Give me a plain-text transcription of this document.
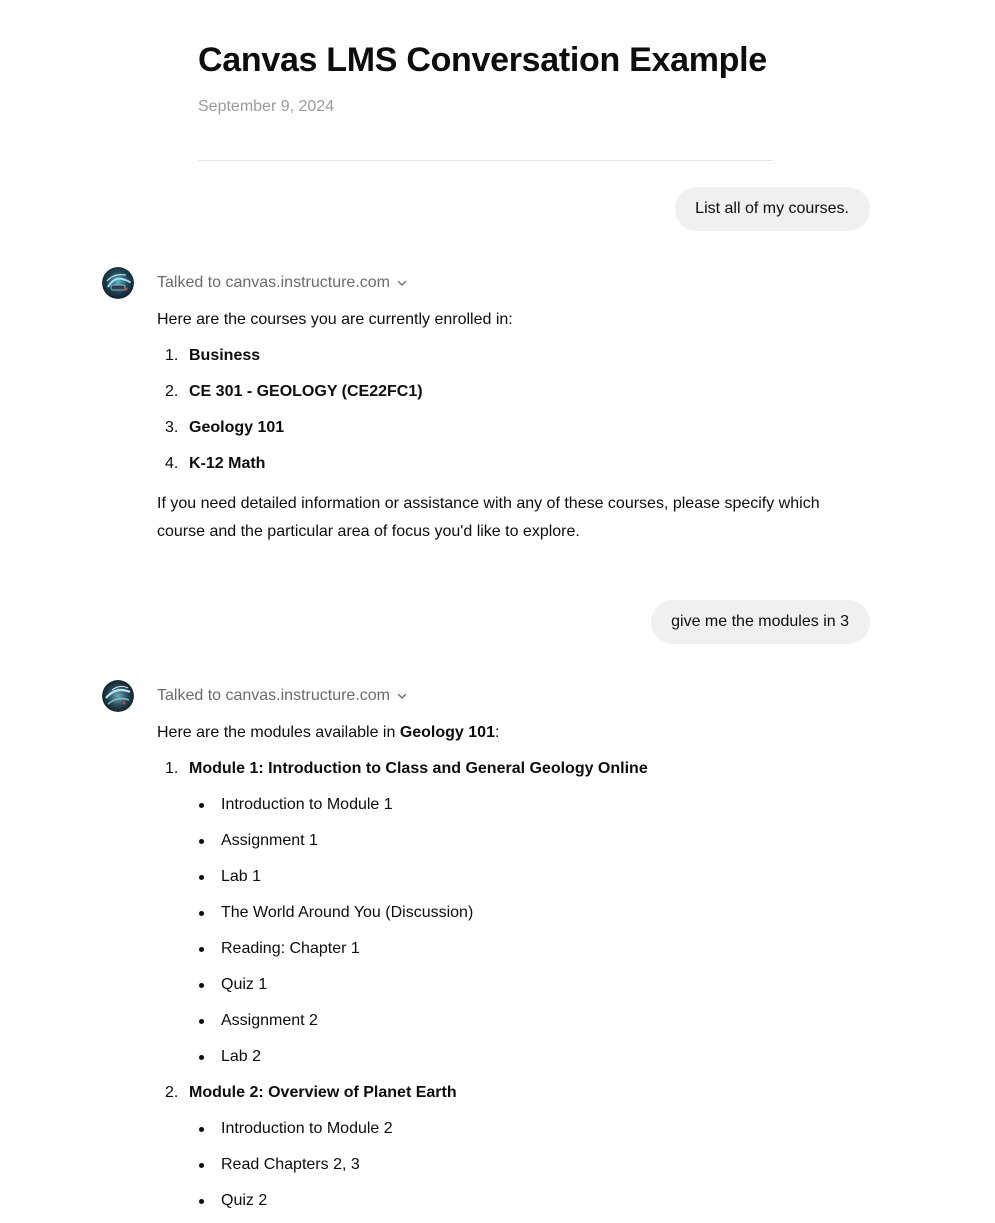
Canvas LMS Conversation Example
September 9, 2024
List all of my courses.
Talked to canvas.instructure.com

Here are the courses you are currently enrolled in:

1. Business
2. CE 301 - GEOLOGY (CE22FC1)
3. Geology 101
4. K-12 Math

If you need detailed information or assistance with any of these courses, please specify which course and the particular area of focus you'd like to explore.

give me the modules in 3
Talked to canvas.instructure.com

Here are the modules available in Geology 101:

1. Module 1: Introduction to Class and General Geology Online
Introduction to Module 1
Assignment 1
Lab 1
The World Around You (Discussion)
Reading: Chapter 1
Quiz 1
Assignment 2
Lab 2
2. Module 2: Overview of Planet Earth
Introduction to Module 2
Read Chapters 2, 3
Quiz 2
